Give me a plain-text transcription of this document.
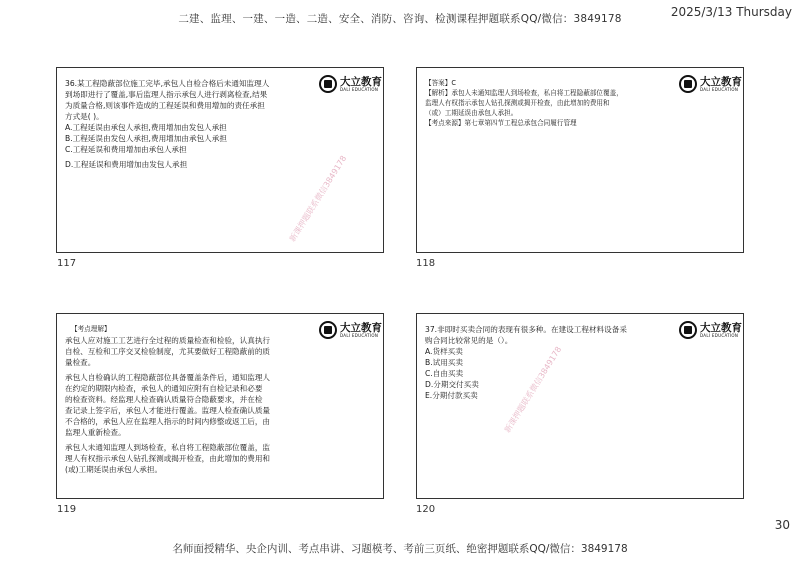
二建、监理、一建、一造、二造、安全、消防、咨询、检测课程押题联系QQ/微信：3849178	2025/3/13 Thursday
大立教育
DALI EDUCATION

36.某工程隐蔽部位施工完毕,承包人自检合格后未通知监理人

到场即进行了覆盖,事后监理人指示承包人进行剥离检查,结果

为质量合格,则该事件造成的工程延误和费用增加的责任承担

方式是( )。

A.工程延误由承包人承担,费用增加由发包人承担

B.工程延误由发包人承担,费用增加由承包人承担

C.工程延误和费用增加由承包人承担

D.工程延误和费用增加由发包人承担	新课押题联系微信3849178
117
大立教育
DALI EDUCATION

【答案】C

【解析】承包人未通知监理人到场检查，私自将工程隐蔽部位覆盖，

监理人有权指示承包人钻孔探测或揭开检查，由此增加的费用和

（或）工期延误由承包人承担。

【考点来源】第七章第四节工程总承包合同履行管理

118
大立教育
DALI EDUCATION

【考点理解】

承包人应对施工工艺进行全过程的质量检查和检验，认真执行

自检、互检和工序交叉检验制度，尤其要做好工程隐蔽前的质

量检查。

承包人自检确认的工程隐蔽部位具备覆盖条件后，通知监理人

在约定的期限内检查，承包人的通知应附有自检记录和必要

的检查资料。经监理人检查确认质量符合隐蔽要求，并在检

查记录上签字后，承包人才能进行覆盖。监理人检查确认质量

不合格的，承包人应在监理人指示的时间内修整或返工后，由

监理人重新检查。

承包人未通知监理人到场检查，私自将工程隐蔽部位覆盖，监

理人有权指示承包人钻孔探测或揭开检查，由此增加的费用和

(或)工期延误由承包人承担。

119
大立教育
DALI EDUCATION

37.非即时买卖合同的表现有很多种。在建设工程材料设备采

购合同比较常见的是（）。

A.货样买卖

B.试用买卖

C.自由买卖

D.分期交付买卖

E.分期付款买卖	新课押题联系微信3849178
120
30
名师面授精华、央企内训、考点串讲、习题模考、考前三页纸、绝密押题联系QQ/微信：3849178
